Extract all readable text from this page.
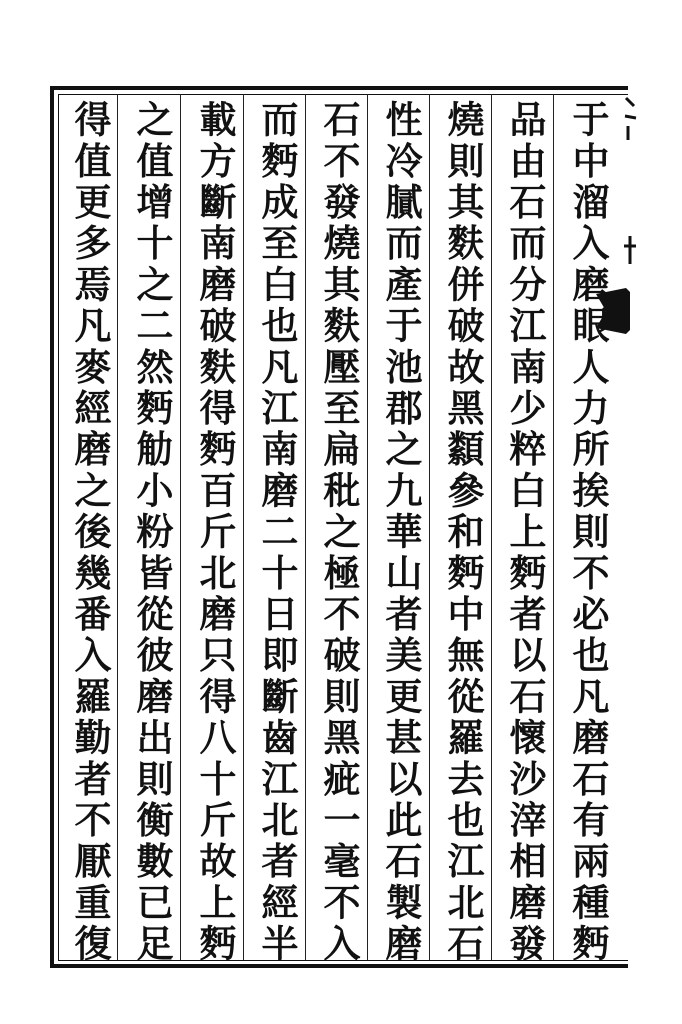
于中溜入磨眼人力所挨則不必也凡磨石有兩種麪
品由石而分江南少粹白上麪者以石懷沙滓相磨發
燒則其麩併破故黑纇參和麪中無從羅去也江北石
性冷膩而產于池郡之九華山者美更甚以此石製磨
石不發燒其麩壓至扁秕之極不破則黑疵一毫不入
而麪成至白也凡江南磨二十日即斷齒江北者經半
載方斷南磨破麩得麪百斤北磨只得八十斤故上麪
之值增十之二然麪觔小粉皆從彼磨出則衡數已足
得值更多焉凡麥經磨之後幾番入羅勤者不厭重復
